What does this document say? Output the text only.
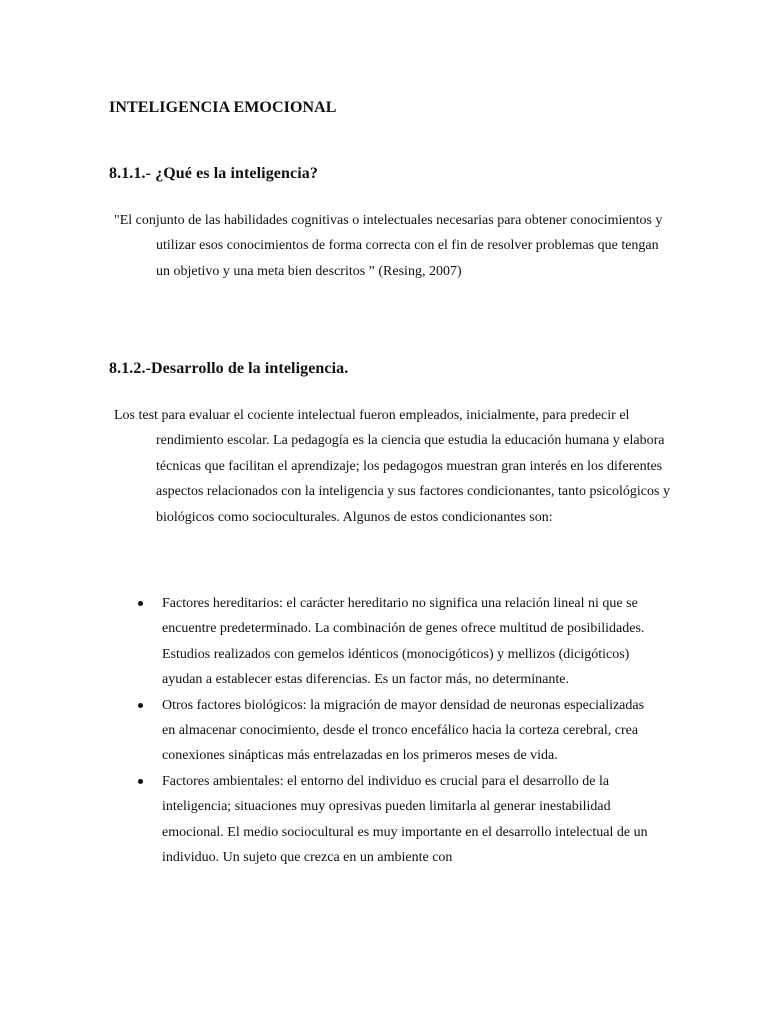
INTELIGENCIA EMOCIONAL
8.1.1.- ¿Qué es la inteligencia?

"El conjunto de las habilidades cognitivas o intelectuales necesarias para obtener conocimientos y utilizar esos conocimientos de forma correcta con el fin de resolver problemas que tengan un objetivo y una meta bien descritos ” (Resing, 2007)

8.1.2.-Desarrollo de la inteligencia.

Los test para evaluar el cociente intelectual fueron empleados, inicialmente, para predecir el rendimiento escolar. La pedagogía es la ciencia que estudia la educación humana y elabora técnicas que facilitan el aprendizaje; los pedagogos muestran gran interés en los diferentes aspectos relacionados con la inteligencia y sus factores condicionantes, tanto psicológicos y biológicos como socioculturales. Algunos de estos condicionantes son:

Factores hereditarios: el carácter hereditario no significa una relación lineal ni que se encuentre predeterminado. La combinación de genes ofrece multitud de posibilidades. Estudios realizados con gemelos idénticos (monocigóticos) y mellizos (dicigóticos) ayudan a establecer estas diferencias. Es un factor más, no determinante.
Otros factores biológicos: la migración de mayor densidad de neuronas especializadas en almacenar conocimiento, desde el tronco encefálico hacia la corteza cerebral, crea conexiones sinápticas más entrelazadas en los primeros meses de vida.
Factores ambientales: el entorno del individuo es crucial para el desarrollo de la inteligencia; situaciones muy opresivas pueden limitarla al generar inestabilidad emocional. El medio sociocultural es muy importante en el desarrollo intelectual de un individuo. Un sujeto que crezca en un ambiente con
